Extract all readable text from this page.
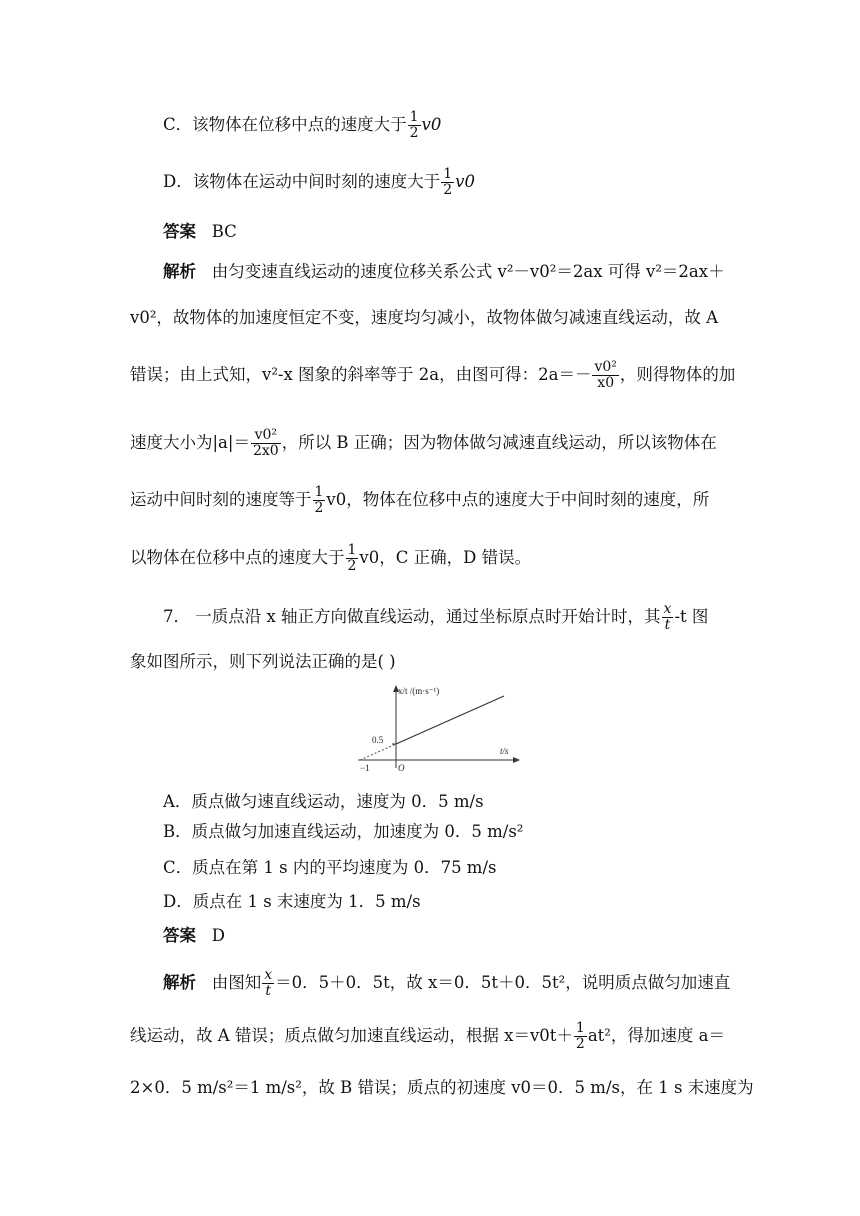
C．该物体在位移中点的速度大于 $\frac{1}{2} v0$
D．该物体在运动中间时刻的速度大于 $\frac{1}{2} v0$
答案 BC
解析 由匀变速直线运动的速度位移关系公式 v²－v0²＝2ax 可得 v²＝2ax＋
v0²，故物体的加速度恒定不变，速度均匀减小，故物体做匀减速直线运动，故 A
错误；由上式知，v²-x 图象的斜率等于 2a，由图可得：$2a=- \frac{\text{v0²}}{x0}$ ，则得物体的加
速度大小为$|a|= \frac{\text{v0²}}{2x0}$ ，所以 B 正确；因为物体做匀减速直线运动，所以该物体在
运动中间时刻的速度等于 $\frac{1}{2} v0$，物体在位移中点的速度大于中间时刻的速度，所
以物体在位移中点的速度大于 $\frac{1}{2} v0$，C 正确，D 错误。
7． 一质点沿 x 轴正方向做直线运动，通过坐标原点时开始计时，其 $\frac{x}{t} -t$ 图
象如图所示，则下列说法正确的是( )
x/t /(m·s⁻¹)
t/s
0.5
−1	O
A．质点做匀速直线运动，速度为 0．5 m/s
B．质点做匀加速直线运动，加速度为 0．5 m/s²
C．质点在第 1 s 内的平均速度为 0．75 m/s
D．质点在 1 s 末速度为 1．5 m/s
答案 D
解析 由图知 $\frac{x}{t} =0$．5＋0．5t，故 x＝0．5t＋0．5t²，说明质点做匀加速直
线运动，故 A 错误；质点做匀加速直线运动，根据 $x=v0t+ \frac{1}{2} at^2$，得加速度 a＝
2×0．5 m/s²＝1 m/s²，故 B 错误；质点的初速度 v0＝0．5 m/s，在 1 s 末速度为
